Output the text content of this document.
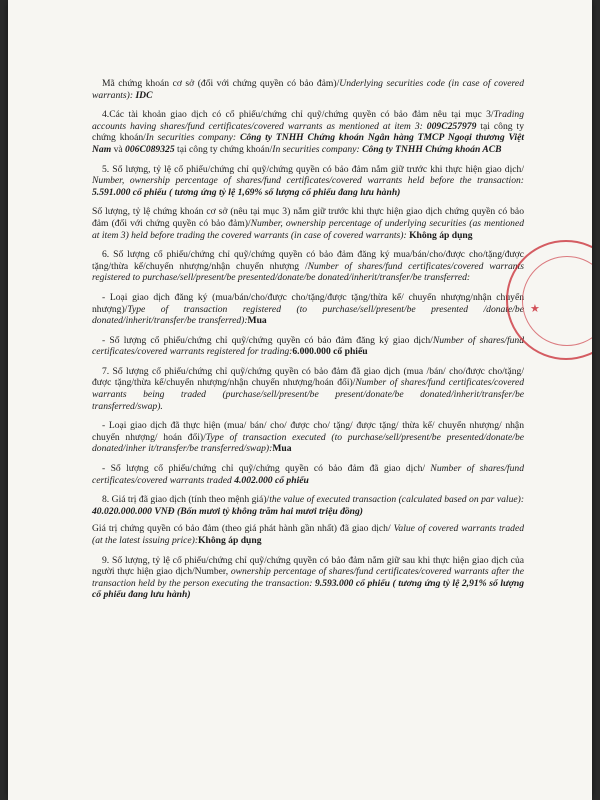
Mã chứng khoán cơ sở (đối với chứng quyền có bảo đảm)/Underlying securities code (in case of covered warrants): IDC

4.Các tài khoản giao dịch có cổ phiếu/chứng chỉ quỹ/chứng quyền có bảo đảm nêu tại mục 3/Trading accounts having shares/fund certificates/covered warrants as mentioned at item 3: 009C257979 tại công ty chứng khoán/In securities company: Công ty TNHH Chứng khoán Ngân hàng TMCP Ngoại thương Việt Nam và 006C089325 tại công ty chứng khoán/In securities company: Công ty TNHH Chứng khoán ACB

5. Số lượng, tỷ lệ cổ phiếu/chứng chỉ quỹ/chứng quyền có bảo đảm nắm giữ trước khi thực hiện giao dịch/ Number, ownership percentage of shares/fund certificates/covered warrants held before the transaction: 5.591.000 cổ phiếu ( tương ứng tỷ lệ 1,69% số lượng cổ phiếu đang lưu hành)

Số lượng, tỷ lệ chứng khoán cơ sở (nêu tại mục 3) nắm giữ trước khi thực hiện giao dịch chứng quyền có bảo đảm (đối với chứng quyền có bảo đảm)/Number, ownership percentage of underlying securities (as mentioned at item 3) held before trading the covered warrants (in case of covered warrants): Không áp dụng

6. Số lượng cổ phiếu/chứng chỉ quỹ/chứng quyền có bảo đảm đăng ký mua/bán/cho/được cho/tặng/được tặng/thừa kế/chuyển nhượng/nhận chuyển nhượng /Number of shares/fund certificates/covered warrants registered to purchase/sell/present/be presented/donate/be donated/inherit/transfer/be transferred:

- Loại giao dịch đăng ký (mua/bán/cho/được cho/tặng/được tặng/thừa kế/ chuyển nhượng/nhận chuyển nhượng)/Type of transaction registered (to purchase/sell/present/be presented /donate/be donated/inherit/transfer/be transferred):Mua

- Số lượng cổ phiếu/chứng chỉ quỹ/chứng quyền có bảo đảm đăng ký giao dịch/Number of shares/fund certificates/covered warrants registered for trading:6.000.000 cổ phiếu

7. Số lượng cổ phiếu/chứng chỉ quỹ/chứng quyền có bảo đảm đã giao dịch (mua /bán/ cho/được cho/tặng/được tặng/thừa kế/chuyển nhượng/nhận chuyển nhượng/hoán đổi)/Number of shares/fund certificates/covered warrants being traded (purchase/sell/present/be present/donate/be donated/inherit/transfer/be transferred/swap).

- Loại giao dịch đã thực hiện (mua/ bán/ cho/ được cho/ tặng/ được tặng/ thừa kế/ chuyển nhượng/ nhận chuyển nhượng/ hoán đổi)/Type of transaction executed (to purchase/sell/present/be presented/donate/be donated/inher it/transfer/be transferred/swap):Mua

- Số lượng cổ phiếu/chứng chỉ quỹ/chứng quyền có bảo đảm đã giao dịch/ Number of shares/fund certificates/covered warrants traded 4.002.000 cổ phiếu

8. Giá trị đã giao dịch (tính theo mệnh giá)/the value of executed transaction (calculated based on par value): 40.020.000.000 VNĐ (Bốn mươi tỷ không trăm hai mươi triệu đồng)

Giá trị chứng quyền có bảo đảm (theo giá phát hành gần nhất) đã giao dịch/ Value of covered warrants traded (at the latest issuing price):Không áp dụng

9. Số lượng, tỷ lệ cổ phiếu/chứng chỉ quỹ/chứng quyền có bảo đảm nắm giữ sau khi thực hiện giao dịch của người thực hiện giao dịch/Number, ownership percentage of shares/fund certificates/covered warrants after the transaction held by the person executing the transaction: 9.593.000 cổ phiếu ( tương ứng tỷ lệ 2,91% số lượng cổ phiếu đang lưu hành)

★
